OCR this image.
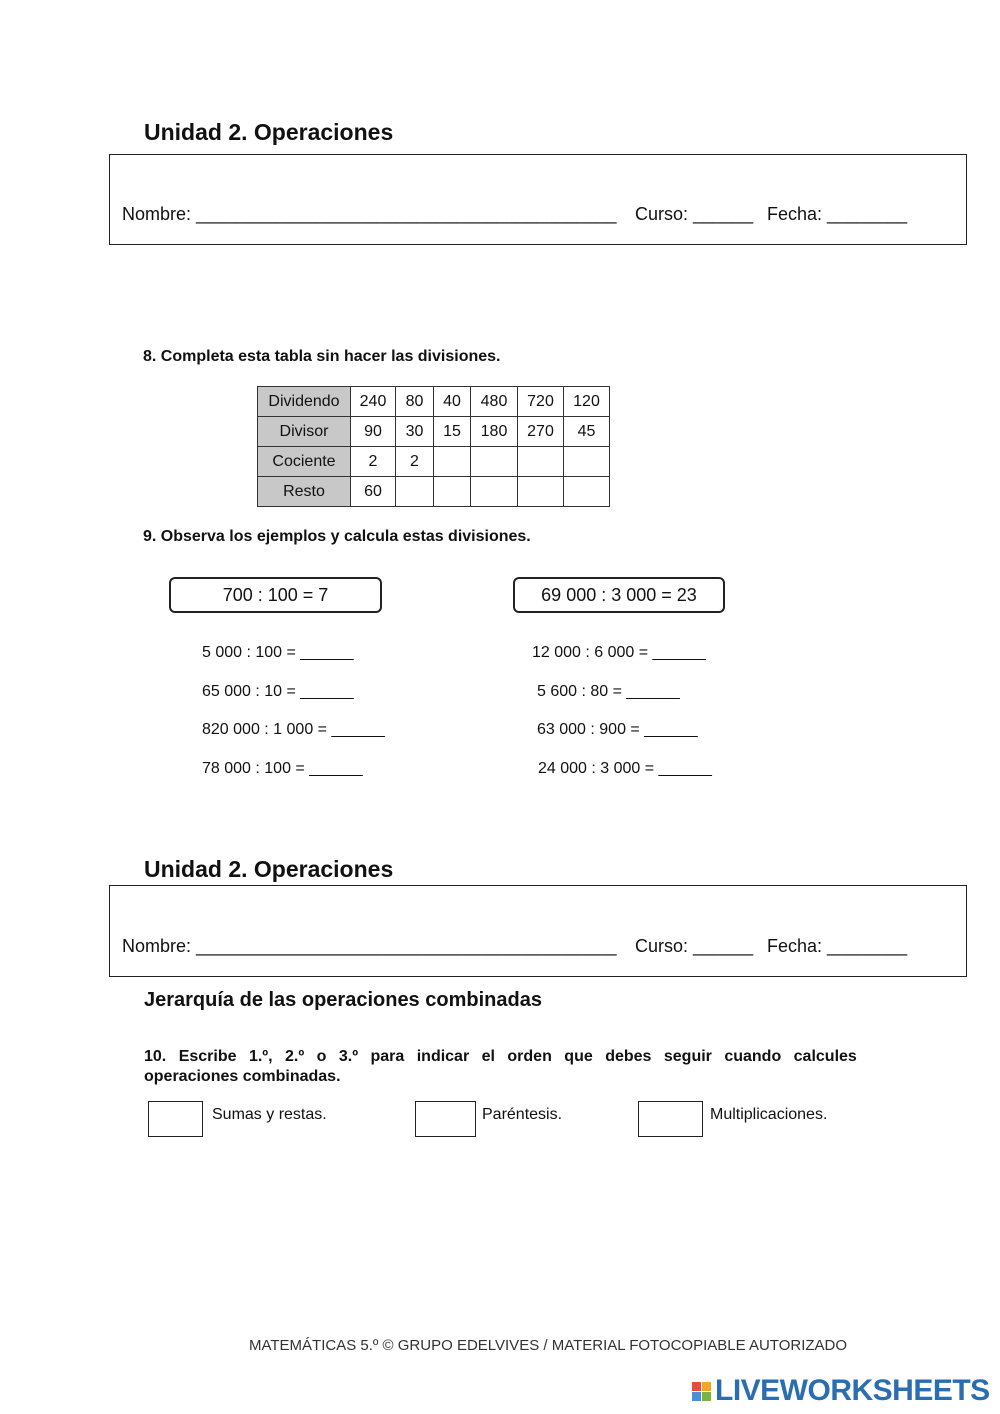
Unidad 2. Operaciones
Nombre: __________________________________________ Curso: ______ Fecha: ________
8. Completa esta tabla sin hacer las divisiones.
Dividendo	240	80	40	480	720	120
Divisor	90	30	15	180	270	45
Cociente	2	2				
Resto	60					
9. Observa los ejemplos y calcula estas divisiones.
700 : 100 = 7	69 000 : 3 000 = 23
5 000 : 100 = ______
65 000 : 10 = ______
820 000 : 1 000 = ______
78 000 : 100 = ______
12 000 : 6 000 = ______
5 600 : 80 = ______
63 000 : 900 = ______
24 000 : 3 000 = ______
Unidad 2. Operaciones
Nombre: __________________________________________ Curso: ______ Fecha: ________
Jerarquía de las operaciones combinadas
10. Escribe 1.º, 2.º o 3.º para indicar el orden que debes seguir cuando calcules
operaciones combinadas.
Sumas y restas.	Paréntesis.	Multiplicaciones.
MATEMÁTICAS 5.º © GRUPO EDELVIVES / MATERIAL FOTOCOPIABLE AUTORIZADO
LIVEWORKSHEETS
